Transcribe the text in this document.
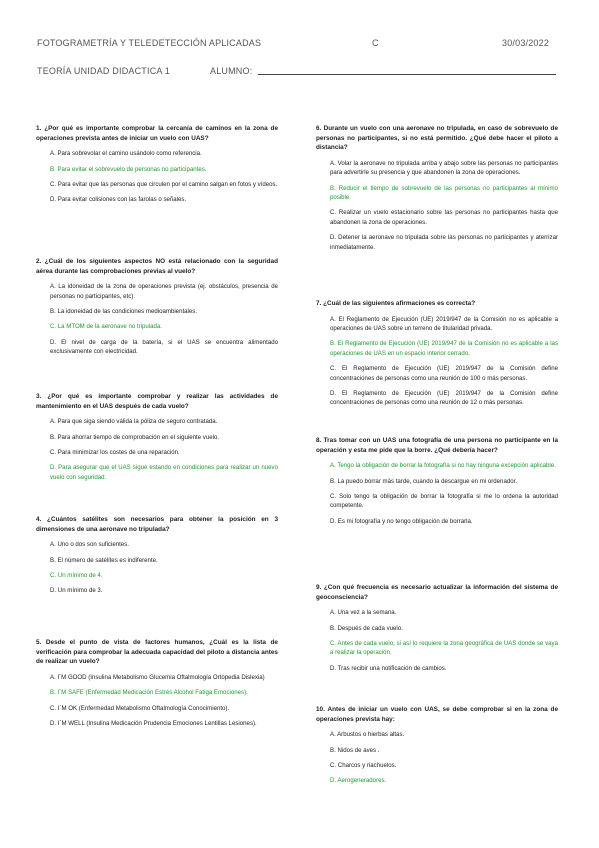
FOTOGRAMETRÍA Y TELEDETECCIÓN APLICADAS	C	30/03/2022
TEORÍA UNIDAD DIDACTICA 1	ALUMNO:
1. ¿Por qué es importante comprobar la cercanía de caminos en la zona de operaciones prevista antes de iniciar un vuelo con UAS?
A. Para sobrevolar el camino usándolo como referencia.
B. Para evitar el sobrevuelo de personas no participantes.
C. Para evitar que las personas que circulen por el camino salgan en fotos y vídeos.
D. Para evitar colisiones con las farolas o señales.
2. ¿Cuál de los siguientes aspectos NO está relacionado con la seguridad aérea durante las comprobaciones previas al vuelo?
A. La idoneidad de la zona de operaciones prevista (ej. obstáculos, presencia de personas no participantes, etc).
B. La idoneidad de las condiciones medioambientales.
C. La MTOM de la aeronave no tripulada.
D. El nivel de carga de la batería, si el UAS se encuentra alimentado exclusivamente con electricidad.
3. ¿Por qué es importante comprobar y realizar las actividades de mantenimiento en el UAS después de cada vuelo?
A. Para que siga siendo válida la póliza de seguro contratada.
B. Para ahorrar tiempo de comprobación en el siguiente vuelo.
C. Para minimizar los costes de una reparación.
D. Para asegurar que el UAS sigue estando en condiciones para realizar un nuevo vuelo con seguridad.
4. ¿Cuántos satélites son necesarios para obtener la posición en 3 dimensiones de una aeronave no tripulada?
A. Uno o dos son suficientes.
B. El número de satélites es indiferente.
C. Un mínimo de 4.
D. Un mínimo de 3.
5. Desde el punto de vista de factores humanos, ¿Cuál es la lista de verificación para comprobar la adecuada capacidad del piloto a distancia antes de realizar un vuelo?
A. I´M GOOD (Insulina Metabolismo Glucemia Oftalmología Ortopedia Dislexia)
B. I´M SAFE (Enfermedad Medicación Estrés Alcohol Fatiga Emociones).
C. I´M OK (Enfermedad Metabolismo Oftalmología Conocimiento).
D. I´M WELL (Insulina Medicación Prudencia Emociones Lentillas Lesiones).
6. Durante un vuelo con una aeronave no tripulada, en caso de sobrevuelo de personas no participantes, si no está permitido. ¿Qué debe hacer el piloto a distancia?
A. Volar la aeronave no tripulada arriba y abajo sobre las personas no participantes para advertirle su presencia y que abandonen la zona de operaciones.
B. Reducir el tiempo de sobrevuelo de las personas no participantes al mínimo posible.
C. Realizar un vuelo estacionario sobre las personas no participantes hasta que abandonen la zona de operaciones.
D. Detener la aeronave no tripulada sobre las personas no participantes y aterrizar inmediatamente.
7. ¿Cuál de las siguientes afirmaciones es correcta?
A. El Reglamento de Ejecución (UE) 2019/947 de la Comisión no es aplicable a operaciones de UAS sobre un terreno de titularidad privada.
B. El Reglamento de Ejecución (UE) 2019/947 de la Comisión no es aplicable a las operaciones de UAS en un espacio interior cerrado.
C. El Reglamento de Ejecución (UE) 2019/947 de la Comisión define concentraciones de personas como una reunión de 100 o más personas.
D. El Reglamento de Ejecución (UE) 2019/947 de la Comisión define concentraciones de personas como una reunión de 12 o más personas.
8. Tras tomar con un UAS una fotografía de una persona no participante en la operación y esta me pide que la borre. ¿Qué debería hacer?
A. Tengo la obligación de borrar la fotografía si no hay ninguna excepción aplicable.
B. La puedo borrar más tarde, cuando la descargue en mi ordenador.
C. Solo tengo la obligación de borrar la fotografía si me lo ordena la autoridad competente.
D. Es mi fotografía y no tengo obligación de borrarla.
9. ¿Con qué frecuencia es necesario actualizar la información del sistema de geoconsciencia?
A. Una vez a la semana.
B. Después de cada vuelo.
C. Antes de cada vuelo, si así lo requiere la zona geográfica de UAS donde se vaya a realizar la operación.
D. Tras recibir una notificación de cambios.
10. Antes de iniciar un vuelo con UAS, se debe comprobar si en la zona de operaciones prevista hay:
A. Arbustos o hierbas altas.
B. Nidos de aves .
C. Charcos y riachuelos.
D. Aerogeneradores.
